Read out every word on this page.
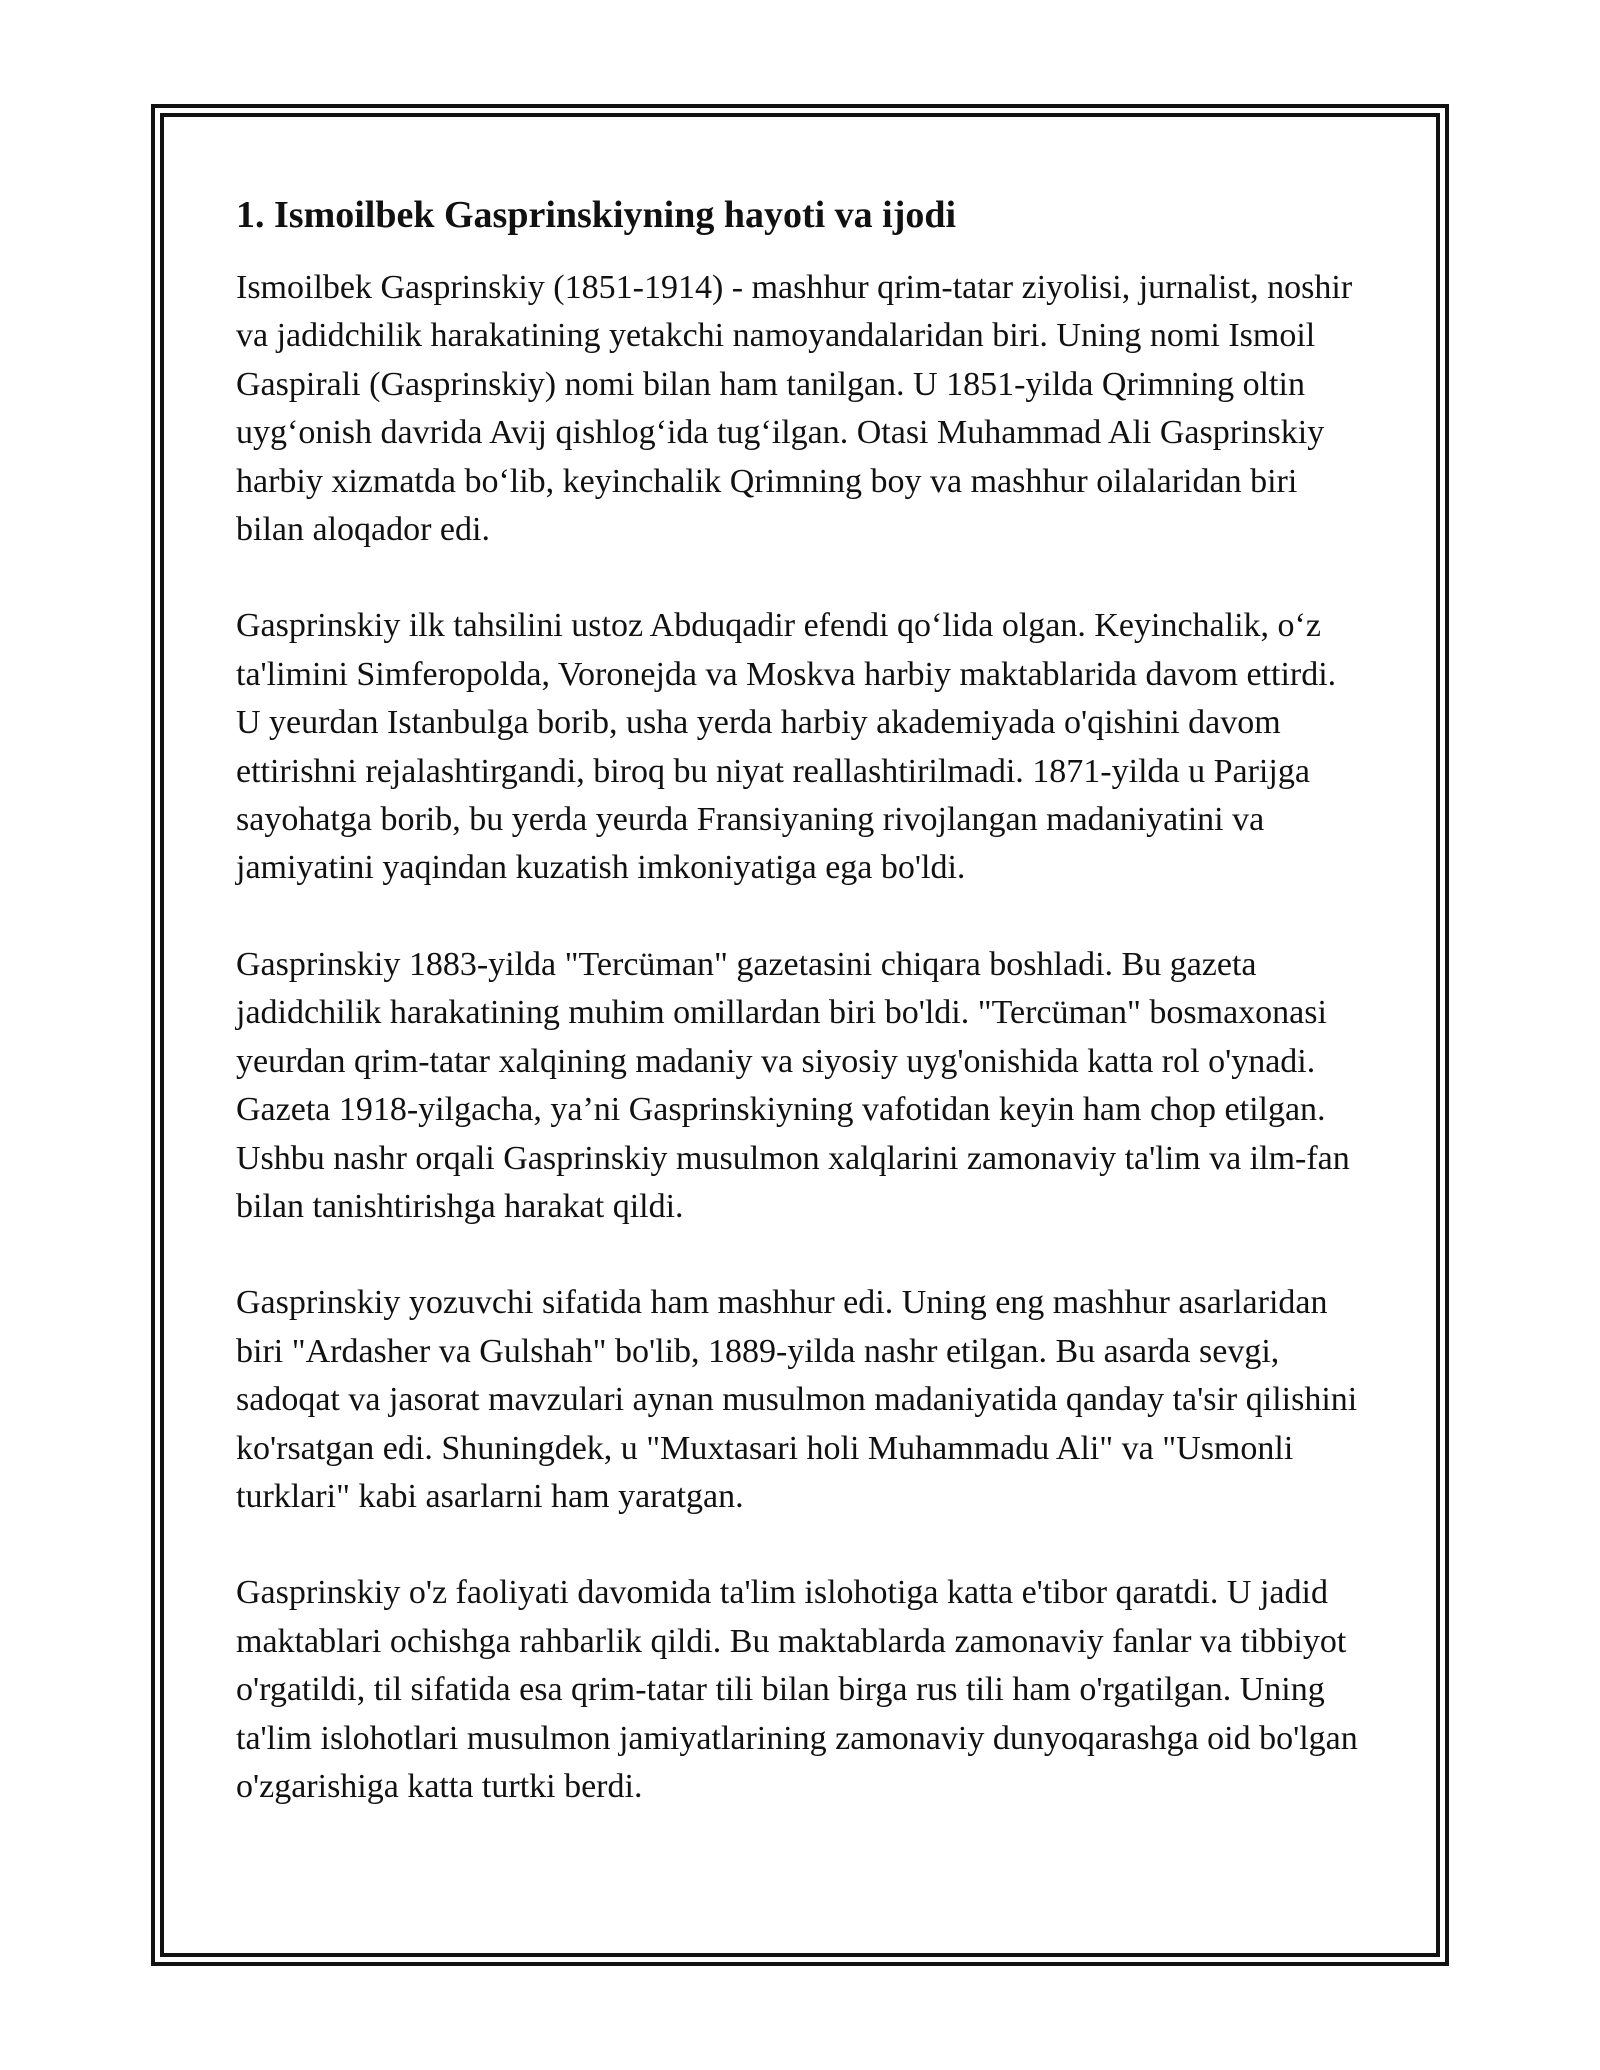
1. Ismoilbek Gasprinskiyning hayoti va ijodi

Ismoilbek Gasprinskiy (1851-1914) - mashhur qrim-tatar ziyolisi, jurnalist, noshir va jadidchilik harakatining yetakchi namoyandalaridan biri. Uning nomi Ismoil Gaspirali (Gasprinskiy) nomi bilan ham tanilgan. U 1851-yilda Qrimning oltin uyg‘onish davrida Avij qishlog‘ida tug‘ilgan. Otasi Muhammad Ali Gasprinskiy harbiy xizmatda bo‘lib, keyinchalik Qrimning boy va mashhur oilalaridan biri bilan aloqador edi.

Gasprinskiy ilk tahsilini ustoz Abduqadir efendi qo‘lida olgan. Keyinchalik, o‘z ta'limini Simferopolda, Voronejda va Moskva harbiy maktablarida davom ettirdi. U yeurdan Istanbulga borib, usha yerda harbiy akademiyada o'qishini davom ettirishni rejalashtirgandi, biroq bu niyat reallashtirilmadi. 1871-yilda u Parijga sayohatga borib, bu yerda yeurda Fransiyaning rivojlangan madaniyatini va jamiyatini yaqindan kuzatish imkoniyatiga ega bo'ldi.

Gasprinskiy 1883-yilda "Tercüman" gazetasini chiqara boshladi. Bu gazeta jadidchilik harakatining muhim omillardan biri bo'ldi. "Tercüman" bosmaxonasi yeurdan qrim-tatar xalqining madaniy va siyosiy uyg'onishida katta rol o'ynadi. Gazeta 1918-yilgacha, ya’ni Gasprinskiyning vafotidan keyin ham chop etilgan. Ushbu nashr orqali Gasprinskiy musulmon xalqlarini zamonaviy ta'lim va ilm-fan bilan tanishtirishga harakat qildi.

Gasprinskiy yozuvchi sifatida ham mashhur edi. Uning eng mashhur asarlaridan biri "Ardasher va Gulshah" bo'lib, 1889-yilda nashr etilgan. Bu asarda sevgi, sadoqat va jasorat mavzulari aynan musulmon madaniyatida qanday ta'sir qilishini ko'rsatgan edi. Shuningdek, u "Muxtasari holi Muhammadu Ali" va "Usmonli turklari" kabi asarlarni ham yaratgan.

Gasprinskiy o'z faoliyati davomida ta'lim islohotiga katta e'tibor qaratdi. U jadid maktablari ochishga rahbarlik qildi. Bu maktablarda zamonaviy fanlar va tibbiyot o'rgatildi, til sifatida esa qrim-tatar tili bilan birga rus tili ham o'rgatilgan. Uning ta'lim islohotlari musulmon jamiyatlarining zamonaviy dunyoqarashga oid bo'lgan o'zgarishiga katta turtki berdi.
